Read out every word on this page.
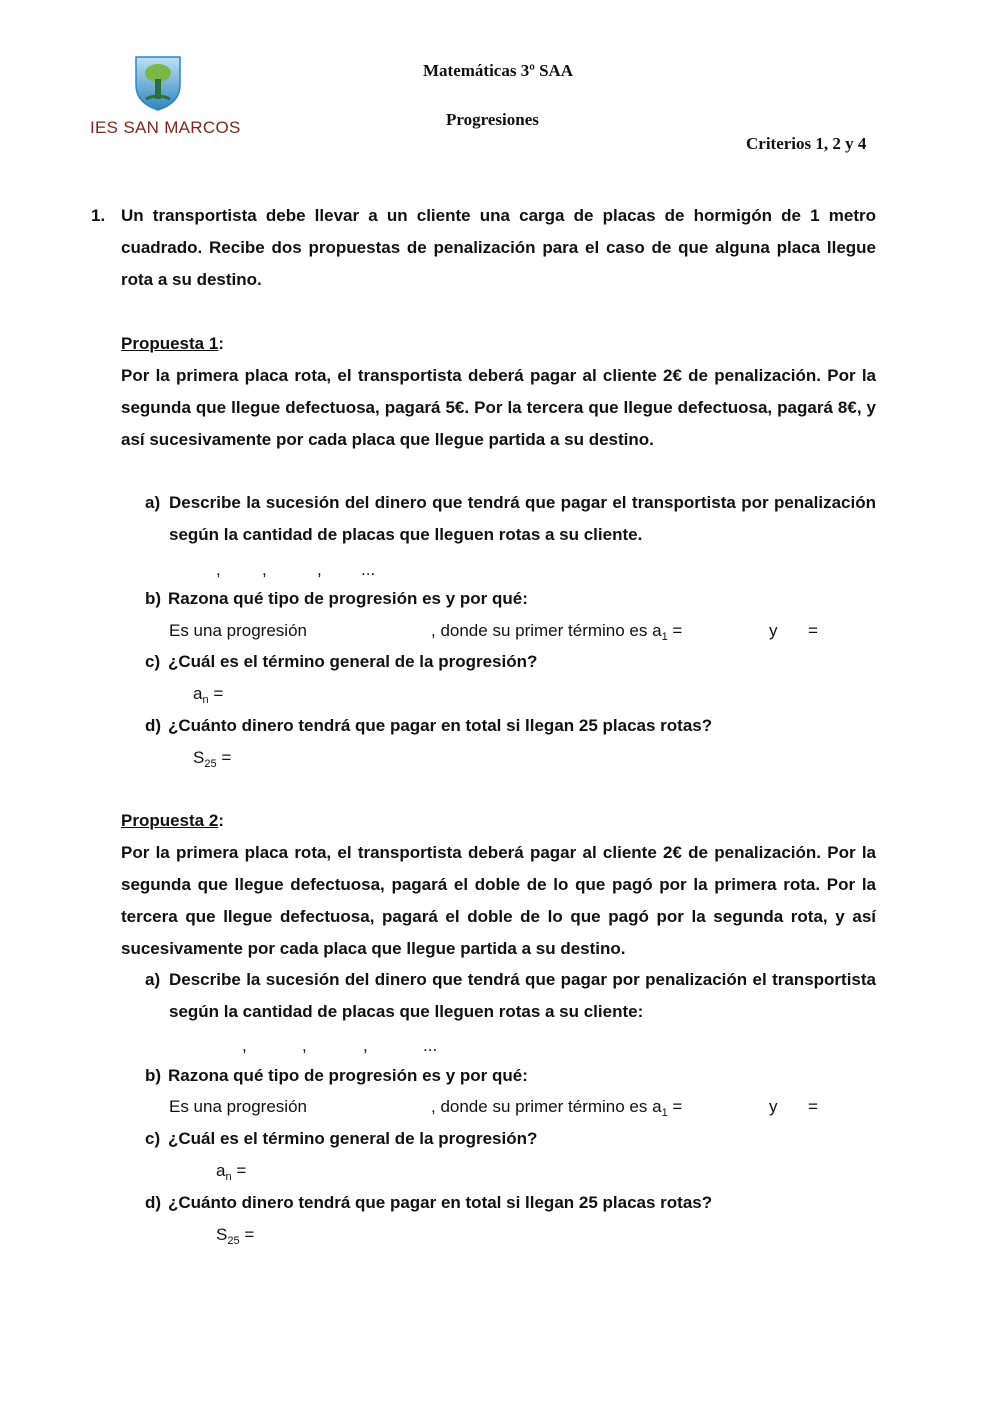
IES SAN MARCOS
Matemáticas 3º SAA
Progresiones
Criterios 1, 2 y 4
1. Un transportista debe llevar a un cliente una carga de placas de hormigón de 1 metro cuadrado. Recibe dos propuestas de penalización para el caso de que alguna placa llegue rota a su destino.
Propuesta 1:
Por la primera placa rota, el transportista deberá pagar al cliente 2€ de penalización. Por la segunda que llegue defectuosa, pagará 5€. Por la tercera que llegue defectuosa, pagará 8€, y así sucesivamente por cada placa que llegue partida a su destino.
a) Describe la sucesión del dinero que tendrá que pagar el transportista por penalización según la cantidad de placas que lleguen rotas a su cliente.
, ,	, ...
b) Razona qué tipo de progresión es y por qué:
Es una progresión	, donde su primer término es $a_1$ =	y =
c) ¿Cuál es el término general de la progresión?
$a_n$ =
d) ¿Cuánto dinero tendrá que pagar en total si llegan 25 placas rotas?
$S_{25}$ =
Propuesta 2:
Por la primera placa rota, el transportista deberá pagar al cliente 2€ de penalización. Por la segunda que llegue defectuosa, pagará el doble de lo que pagó por la primera rota. Por la tercera que llegue defectuosa, pagará el doble de lo que pagó por la segunda rota, y así sucesivamente por cada placa que llegue partida a su destino.
a) Describe la sucesión del dinero que tendrá que pagar por penalización el transportista según la cantidad de placas que lleguen rotas a su cliente:
,	,	,	...
b) Razona qué tipo de progresión es y por qué:
Es una progresión	, donde su primer término es $a_1$ =	y =
c) ¿Cuál es el término general de la progresión?
$a_n$ =
d) ¿Cuánto dinero tendrá que pagar en total si llegan 25 placas rotas?
$S_{25}$ =
